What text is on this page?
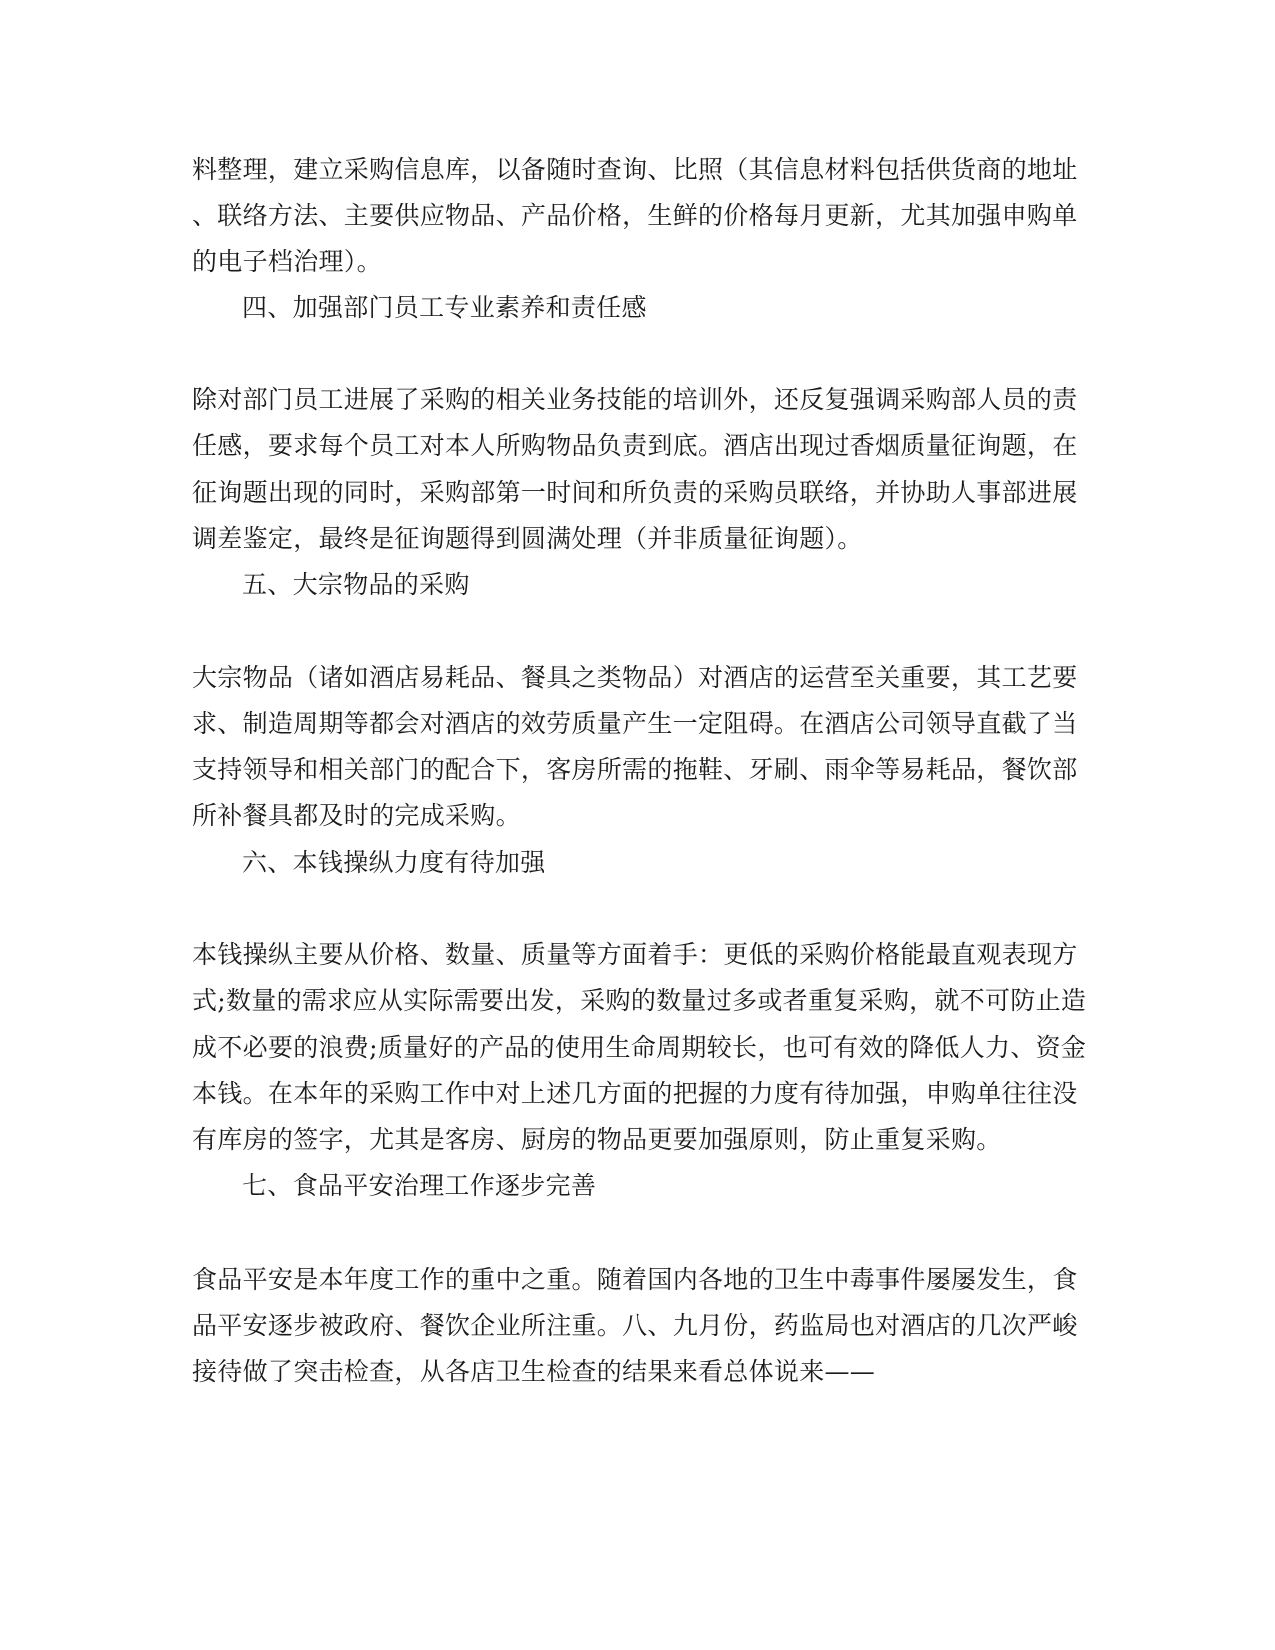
料整理，建立采购信息库，以备随时查询、比照（其信息材料包括供货商的地址
、联络方法、主要供应物品、产品价格，生鲜的价格每月更新，尤其加强申购单
的电子档治理）。
四、加强部门员工专业素养和责任感
除对部门员工进展了采购的相关业务技能的培训外，还反复强调采购部人员的责
任感，要求每个员工对本人所购物品负责到底。酒店出现过香烟质量征询题，在
征询题出现的同时，采购部第一时间和所负责的采购员联络，并协助人事部进展
调差鉴定，最终是征询题得到圆满处理（并非质量征询题）。
五、大宗物品的采购
大宗物品（诸如酒店易耗品、餐具之类物品）对酒店的运营至关重要，其工艺要
求、制造周期等都会对酒店的效劳质量产生一定阻碍。在酒店公司领导直截了当
支持领导和相关部门的配合下，客房所需的拖鞋、牙刷、雨伞等易耗品，餐饮部
所补餐具都及时的完成采购。
六、本钱操纵力度有待加强
本钱操纵主要从价格、数量、质量等方面着手：更低的采购价格能最直观表现方
式;数量的需求应从实际需要出发，采购的数量过多或者重复采购，就不可防止造
成不必要的浪费;质量好的产品的使用生命周期较长，也可有效的降低人力、资金
本钱。在本年的采购工作中对上述几方面的把握的力度有待加强，申购单往往没
有库房的签字，尤其是客房、厨房的物品更要加强原则，防止重复采购。
七、食品平安治理工作逐步完善
食品平安是本年度工作的重中之重。随着国内各地的卫生中毒事件屡屡发生，食
品平安逐步被政府、餐饮企业所注重。八、九月份，药监局也对酒店的几次严峻
接待做了突击检查，从各店卫生检查的结果来看总体说来——
